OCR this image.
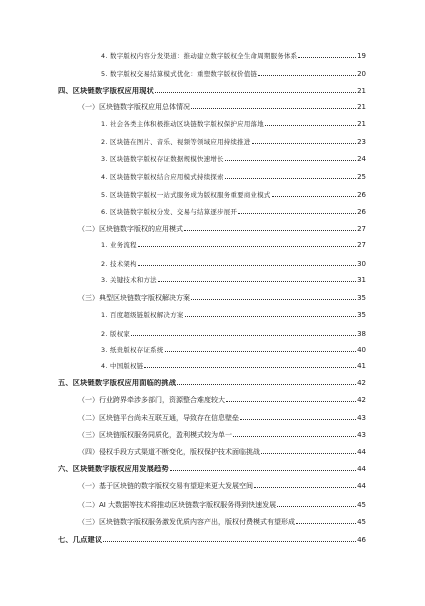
4. 数字版权内容分发渠道：推动建立数字版权全生命周期服务体系	19
5. 数字版权交易结算模式优化：重塑数字版权价值链	20
四、区块链数字版权应用现状	21
（一）区块链数字版权应用总体情况	21
1. 社会各类主体积极推动区块链数字版权保护应用落地	21
2. 区块链在图片、音乐、视频等领域应用持续推进	23
3. 区块链数字版权存证数据规模快速增长	24
4. 区块链数字版权结合应用模式持续探索	25
5. 区块链数字版权一站式服务成为版权服务重要商业模式	26
6. 区块链数字版权分发、交易与结算逐步展开	26
（二）区块链数字版权的应用模式	27
1. 业务流程	27
2. 技术架构	30
3. 关键技术和方法	31
（三）典型区块链数字版权解决方案	35
1. 百度超级链版权解决方案	35
2. 版权家	38
3. 纸贵版权存证系统	40
4. 中国版权链	41
五、区块链数字版权应用面临的挑战	42
（一）行业跨界牵涉多部门，资源整合难度较大	42
（二）区块链平台尚未互联互通，导致存在信息壁垒	43
（三）区块链版权服务同质化，盈利模式较为单一	43
（四）侵权手段方式渠道不断变化，版权保护技术面临挑战	44
六、区块链数字版权应用发展趋势	44
（一）基于区块链的数字版权交易有望迎来更大发展空间	44
（二）AI 大数据等技术将推动区块链数字版权服务得到快速发展	45
（三）区块链数字版权服务激发优质内容产出，版权付费模式有望形成	45
七、几点建议	46
